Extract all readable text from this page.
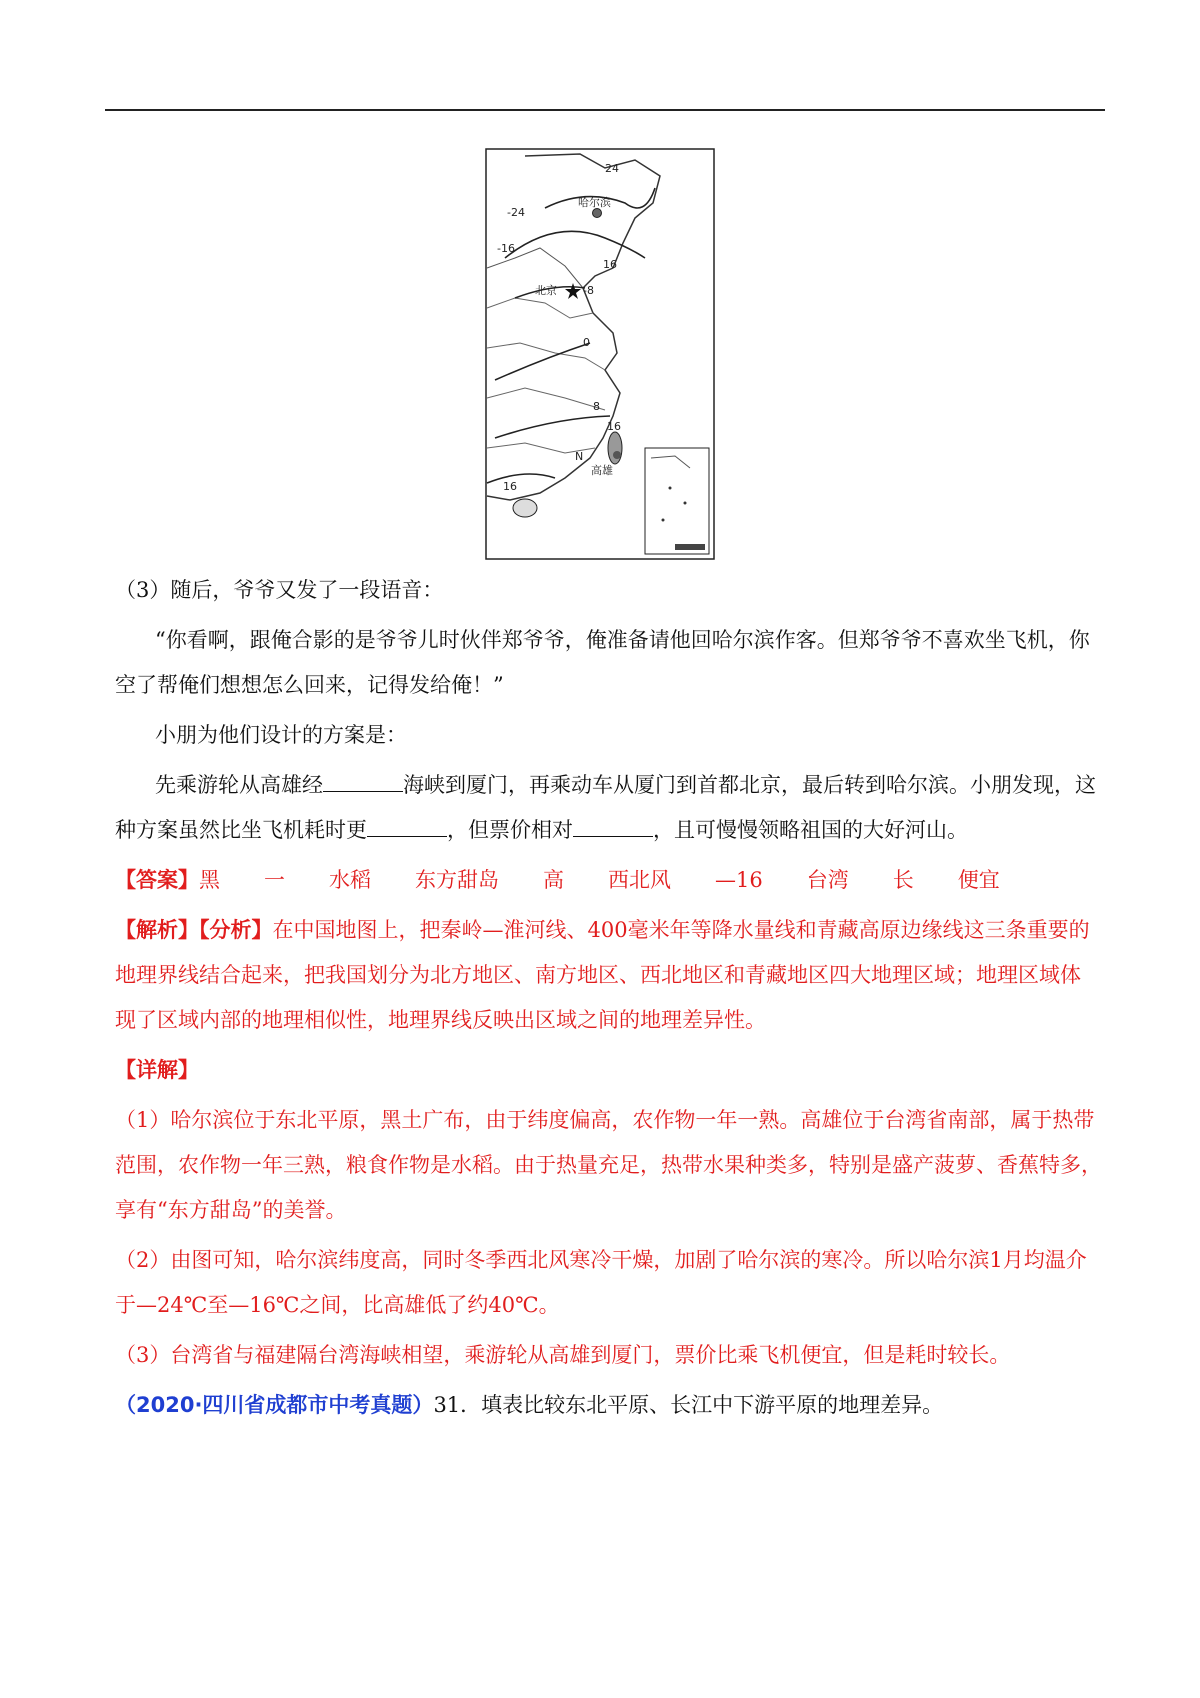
24
-24
哈尔滨
-16
16
北京 -8
0
8
16
N
高雄
16
（3）随后，爷爷又发了一段语音：
“你看啊，跟俺合影的是爷爷儿时伙伴郑爷爷，俺准备请他回哈尔滨作客。但郑爷爷不喜欢坐飞机，你
空了帮俺们想想怎么回来，记得发给俺！”
小朋为他们设计的方案是：
先乘游轮从高雄经	海峡到厦门，再乘动车从厦门到首都北京，最后转到哈尔滨。小朋发现，这
种方案虽然比坐飞机耗时更	，但票价相对	，且可慢慢领略祖国的大好河山。
【答案】黑 一 水稻 东方甜岛 高 西北风 —16 台湾 长 便宜
【解析】【分析】在中国地图上，把秦岭—淮河线、400毫米年等降水量线和青藏高原边缘线这三条重要的
地理界线结合起来，把我国划分为北方地区、南方地区、西北地区和青藏地区四大地理区域；地理区域体
现了区域内部的地理相似性，地理界线反映出区域之间的地理差异性。
【详解】
（1）哈尔滨位于东北平原，黑土广布，由于纬度偏高，农作物一年一熟。高雄位于台湾省南部，属于热带
范围，农作物一年三熟，粮食作物是水稻。由于热量充足，热带水果种类多，特别是盛产菠萝、香蕉特多，
享有“东方甜岛”的美誉。
（2）由图可知，哈尔滨纬度高，同时冬季西北风寒冷干燥，加剧了哈尔滨的寒冷。所以哈尔滨1月均温介
于—24℃至—16℃之间，比高雄低了约40℃。
（3）台湾省与福建隔台湾海峡相望，乘游轮从高雄到厦门，票价比乘飞机便宜，但是耗时较长。
（2020·四川省成都市中考真题）31．填表比较东北平原、长江中下游平原的地理差异。
